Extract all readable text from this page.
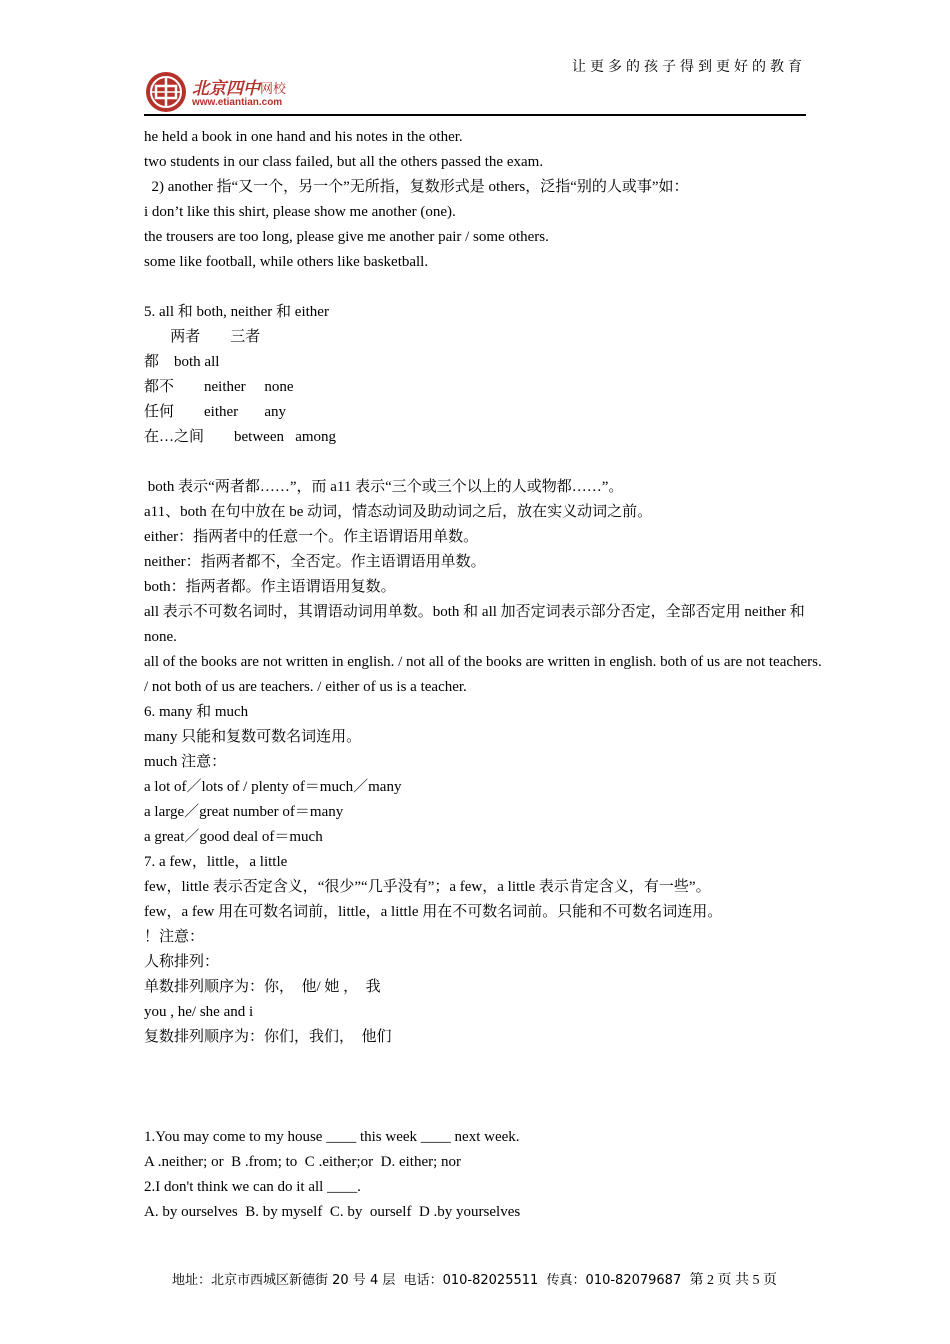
让更多的孩子得到更好的教育
北京四中 网校
www.etiantian.com
he held a book in one hand and his notes in the other.
two students in our class failed, but all the others passed the exam.
2) another 指“又一个，另一个”无所指，复数形式是 others，泛指“别的人或事”如：
i don’t like this shirt, please show me another (one).
the trousers are too long, please give me another pair / some others.
some like football, while others like basketball.
5. all 和 both, neither 和 either
两者        三者
都    both all
都不        neither     none
任何        either       any
在…之间        between   among
both 表示“两者都……”，而 a11 表示“三个或三个以上的人或物都……”。
a11、both 在句中放在 be 动词，情态动词及助动词之后，放在实义动词之前。
either：指两者中的任意一个。作主语谓语用单数。
neither：指两者都不，全否定。作主语谓语用单数。
both：指两者都。作主语谓语用复数。
all 表示不可数名词时，其谓语动词用单数。both 和 all 加否定词表示部分否定，全部否定用 neither 和 none.
all of the books are not written in english. / not all of the books are written in english. both of us are not teachers. / not both of us are teachers. / either of us is a teacher.
6. many 和 much
many 只能和复数可数名词连用。
much 注意：
a lot of／lots of / plenty of＝much／many
a large／great number of＝many
a great／good deal of＝much
7. a few，little，a little
few，little 表示否定含义，“很少”“几乎没有”；a few，a little 表示肯定含义，有一些”。
few，a few 用在可数名词前，little，a little 用在不可数名词前。只能和不可数名词连用。
！注意：
人称排列：
单数排列顺序为：你，  他/ 她 ，  我
you , he/ she and i
复数排列顺序为：你们，我们，  他们
1.You may come to my house ____ this week ____ next week.
A .neither; or  B .from; to  C .either;or  D. either; nor
2.I don't think we can do it all ____.
A. by ourselves  B. by myself  C. by  ourself  D .by yourselves
地址：北京市西城区新德街 20 号 4 层  电话：010-82025511  传真：010-82079687 第 2 页 共 5 页
